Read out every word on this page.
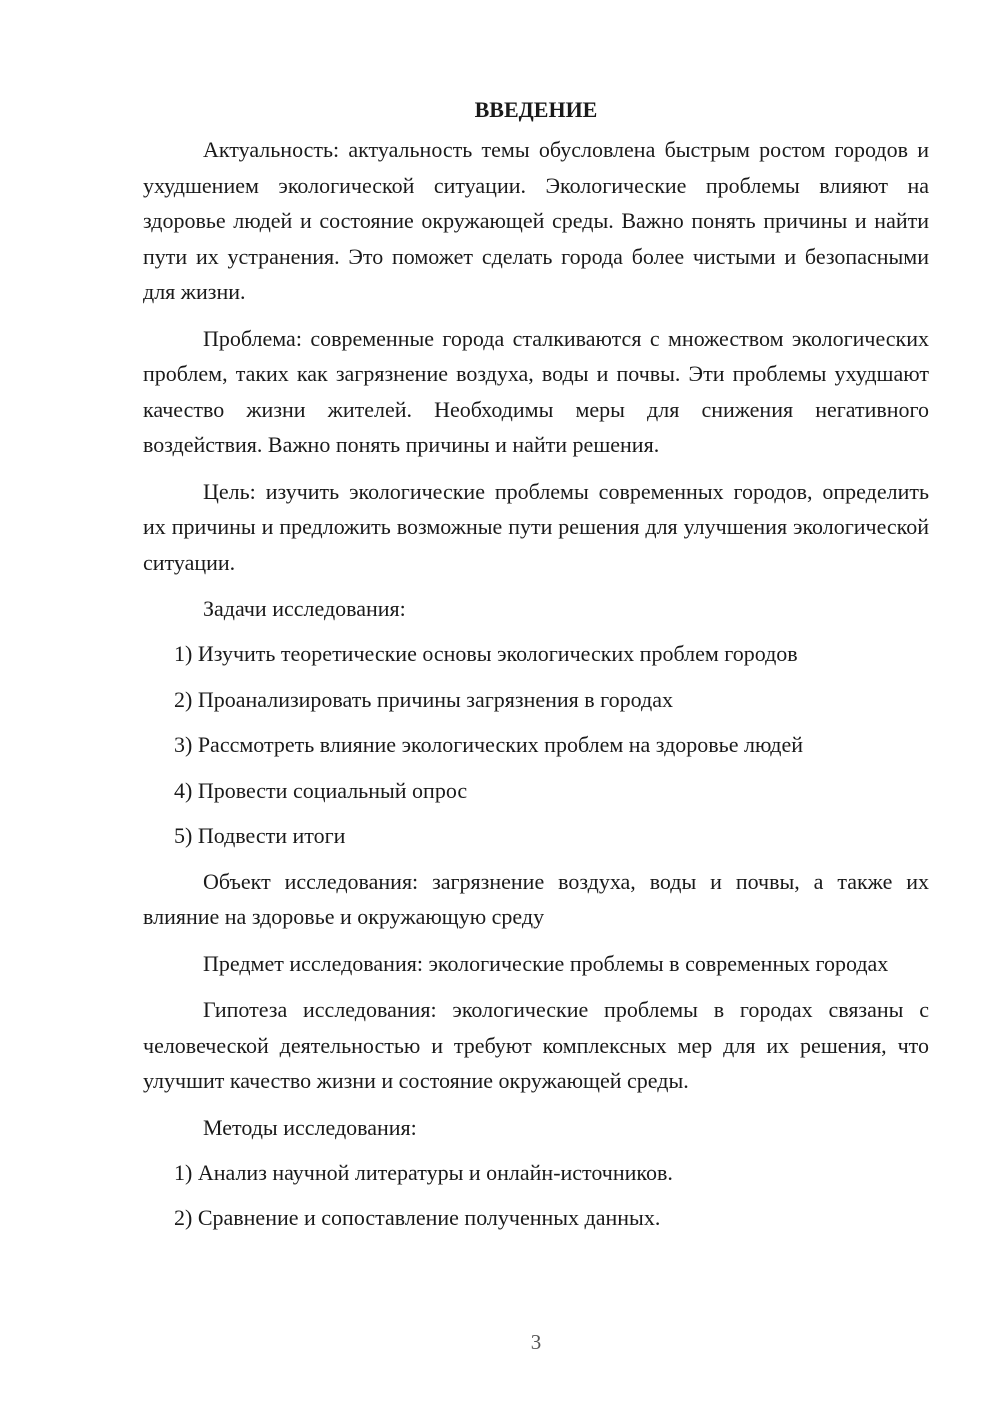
ВВЕДЕНИЕ

Актуальность: актуальность темы обусловлена быстрым ростом городов и ухудшением экологической ситуации. Экологические проблемы влияют на здоровье людей и состояние окружающей среды. Важно понять причины и найти пути их устранения. Это поможет сделать города более чистыми и безопасными для жизни.

Проблема: современные города сталкиваются с множеством экологических проблем, таких как загрязнение воздуха, воды и почвы. Эти проблемы ухудшают качество жизни жителей. Необходимы меры для снижения негативного воздействия. Важно понять причины и найти решения.

Цель: изучить экологические проблемы современных городов, определить их причины и предложить возможные пути решения для улучшения экологической ситуации.

Задачи исследования:

1) Изучить теоретические основы экологических проблем городов

2) Проанализировать причины загрязнения в городах

3) Рассмотреть влияние экологических проблем на здоровье людей

4) Провести социальный опрос

5) Подвести итоги

Объект исследования: загрязнение воздуха, воды и почвы, а также их влияние на здоровье и окружающую среду

Предмет исследования: экологические проблемы в современных городах

Гипотеза исследования: экологические проблемы в городах связаны с человеческой деятельностью и требуют комплексных мер для их решения, что улучшит качество жизни и состояние окружающей среды.

Методы исследования:

1) Анализ научной литературы и онлайн-источников.

2) Сравнение и сопоставление полученных данных.

3
